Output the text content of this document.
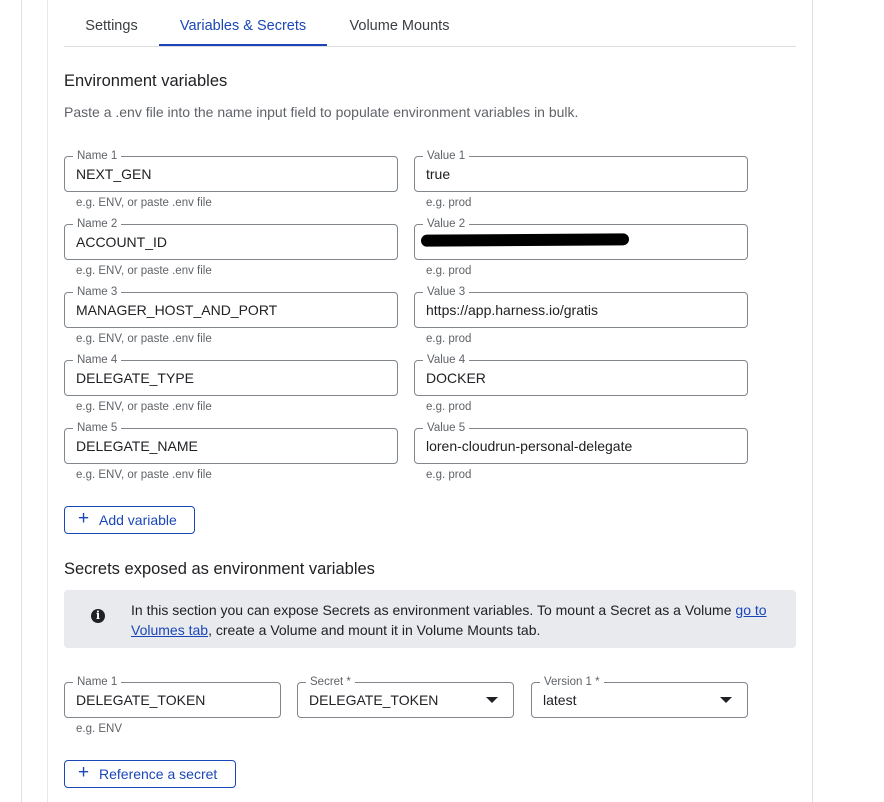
Settings	Variables & Secrets	Volume Mounts
Environment variables
Paste a .env file into the name input field to populate environment variables in bulk.
Name 1
NEXT_GEN
Value 1
true
e.g. ENV, or paste .env file	e.g. prod
Name 2
ACCOUNT_ID
Value 2
e.g. ENV, or paste .env file	e.g. prod
Name 3
MANAGER_HOST_AND_PORT
Value 3
https://app.harness.io/gratis
e.g. ENV, or paste .env file	e.g. prod
Name 4
DELEGATE_TYPE
Value 4
DOCKER
e.g. ENV, or paste .env file	e.g. prod
Name 5
DELEGATE_NAME
Value 5
loren-cloudrun-personal-delegate
e.g. ENV, or paste .env file	e.g. prod
+ Add variable
Secrets exposed as environment variables
i	In this section you can expose Secrets as environment variables. To mount a Secret as a Volume go to Volumes tab, create a Volume and mount it in Volume Mounts tab.
Name 1
DELEGATE_TOKEN
Secret *
DELEGATE_TOKEN
Version 1 *
latest
e.g. ENV
+ Reference a secret
